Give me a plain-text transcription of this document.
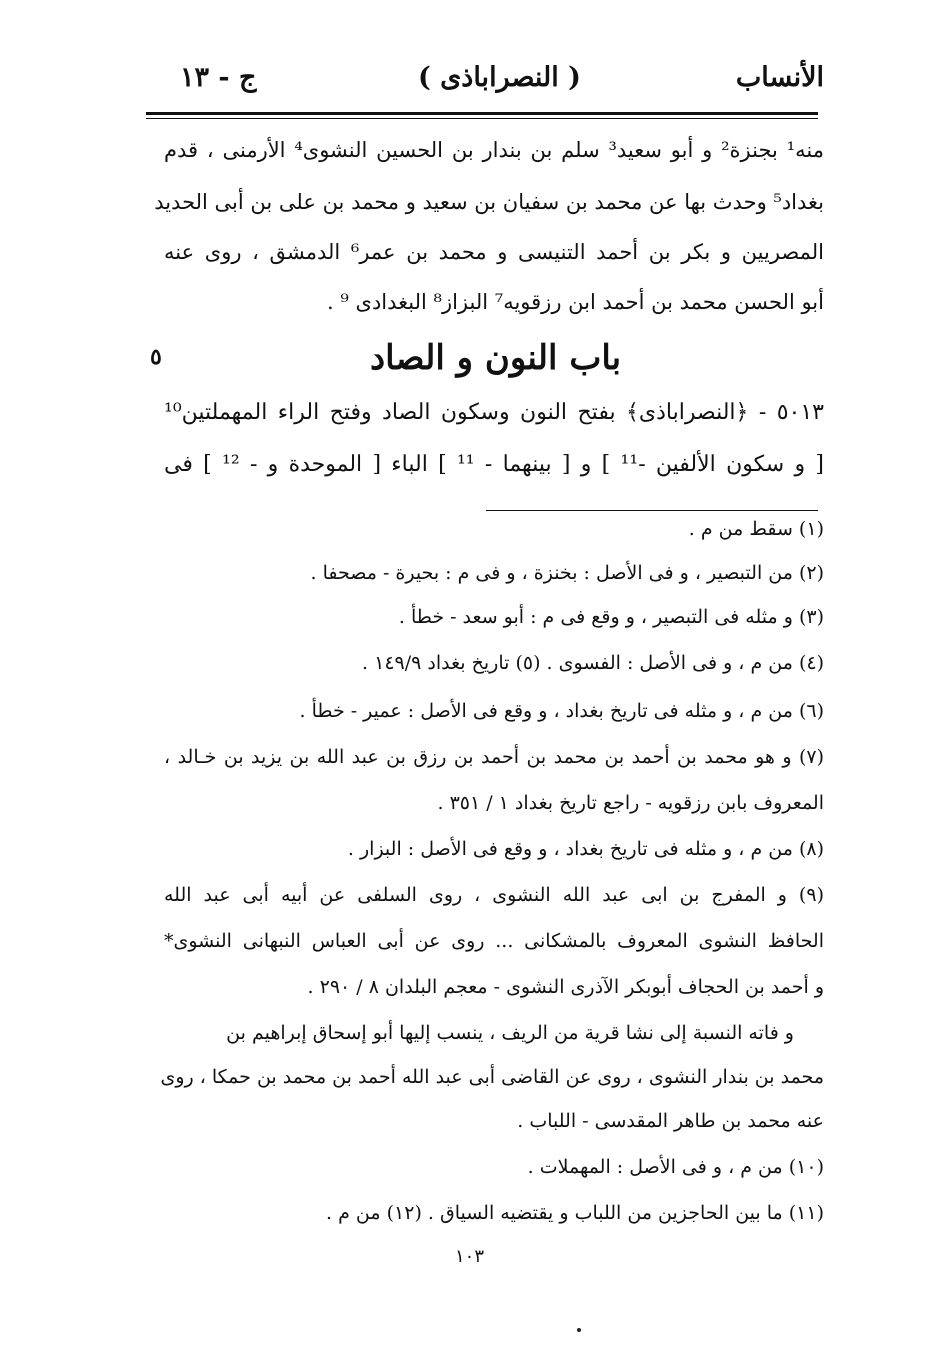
الأنساب
( النصراباذى )
ج - ١٣
منه¹ بجنزة² و أبو سعيد³ سلم بن بندار بن الحسين النشوى⁴ الأرمنى ، قدم
بغداد⁵ وحدث بها عن محمد بن سفيان بن سعيد و محمد بن على بن أبى الحديد
المصريين و بكر بن أحمد التنيسى و محمد بن عمر⁶ الدمشق ، روى عنه
أبو الحسن محمد بن أحمد ابن رزقويه⁷ البزاز⁸ البغدادى ⁹ .
باب النون و الصاد
٥
٥٠١٣ - ﴿النصراباذى﴾ بفتح النون وسكون الصاد وفتح الراء المهملتين¹⁰
[ و سكون الألفين -¹¹ ] و [ بينهما - ¹¹ ] الباء [ الموحدة و - ¹² ] فى
(١) سقط من م .
(٢) من التبصير ، و فى الأصل : بخنزة ، و فى م : بحيرة - مصحفا .
(٣) و مثله فى التبصير ، و وقع فى م : أبو سعد - خطأ .
(٤) من م ، و فى الأصل : الفسوى . (٥) تاريخ بغداد ١٤٩/٩ .
(٦) من م ، و مثله فى تاريخ بغداد ، و وقع فى الأصل : عمير - خطأ .
(٧) و هو محمد بن أحمد بن محمد بن أحمد بن رزق بن عبد الله بن يزيد بن خـالد ،
المعروف بابن رزقويه - راجع تاريخ بغداد ١ / ٣٥١ .
(٨) من م ، و مثله فى تاريخ بغداد ، و وقع فى الأصل : البزار .
(٩) و المفرج بن ابى عبد الله النشوى ، روى السلفى عن أبيه أبى عبد الله
الحافظ النشوى المعروف بالمشكانى ... روى عن أبى العباس النبهانى النشوى*
و أحمد بن الحجاف أبوبكر الآذرى النشوى - معجم البلدان ٨ / ٢٩٠ .
و فاته النسبة إلى نشا قرية من الريف ، ينسب إليها أبو إسحاق إبراهيم بن
محمد بن بندار النشوى ، روى عن القاضى أبى عبد الله أحمد بن محمد بن حمكا ، روى
عنه محمد بن طاهر المقدسى - اللباب .
(١٠) من م ، و فى الأصل : المهملات .
(١١) ما بين الحاجزين من اللباب و يقتضيه السياق . (١٢) من م .
١٠٣
